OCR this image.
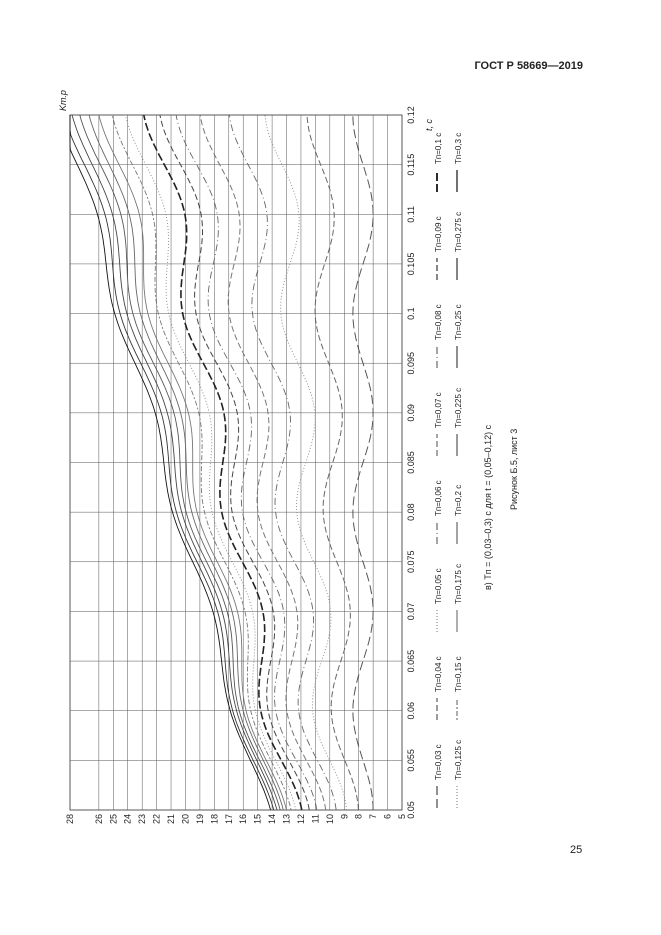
ГОСТ Р 58669—2019
5
6
7
8
9
10
11
12
13
14
15
16
17
18
19
20
21
22
23
24
25
26
28
0.05
0.055
0.06
0.065
0.07
0.075
0.08
0.085
0.09
0.095
0.1
0.105
0.11
0.115
0.12
Tп=0,03 с
Tп=0,04 с
Tп=0,05 с
Tп=0,06 с
Tп=0,07 с
Tп=0,08 с
Tп=0,09 с
Tп=0,1 с
Tп=0,125 с
Tп=0,15 с
Tп=0,175 с
Tп=0,2 с
Tп=0,225 с
Tп=0,25 с
Tп=0,275 с
Tп=0,3 с
t, c
Kт.р
в) Tп = (0,03–0,3) с для t = (0,05–0,12) с Рисунок Б.5, лист 3
25
